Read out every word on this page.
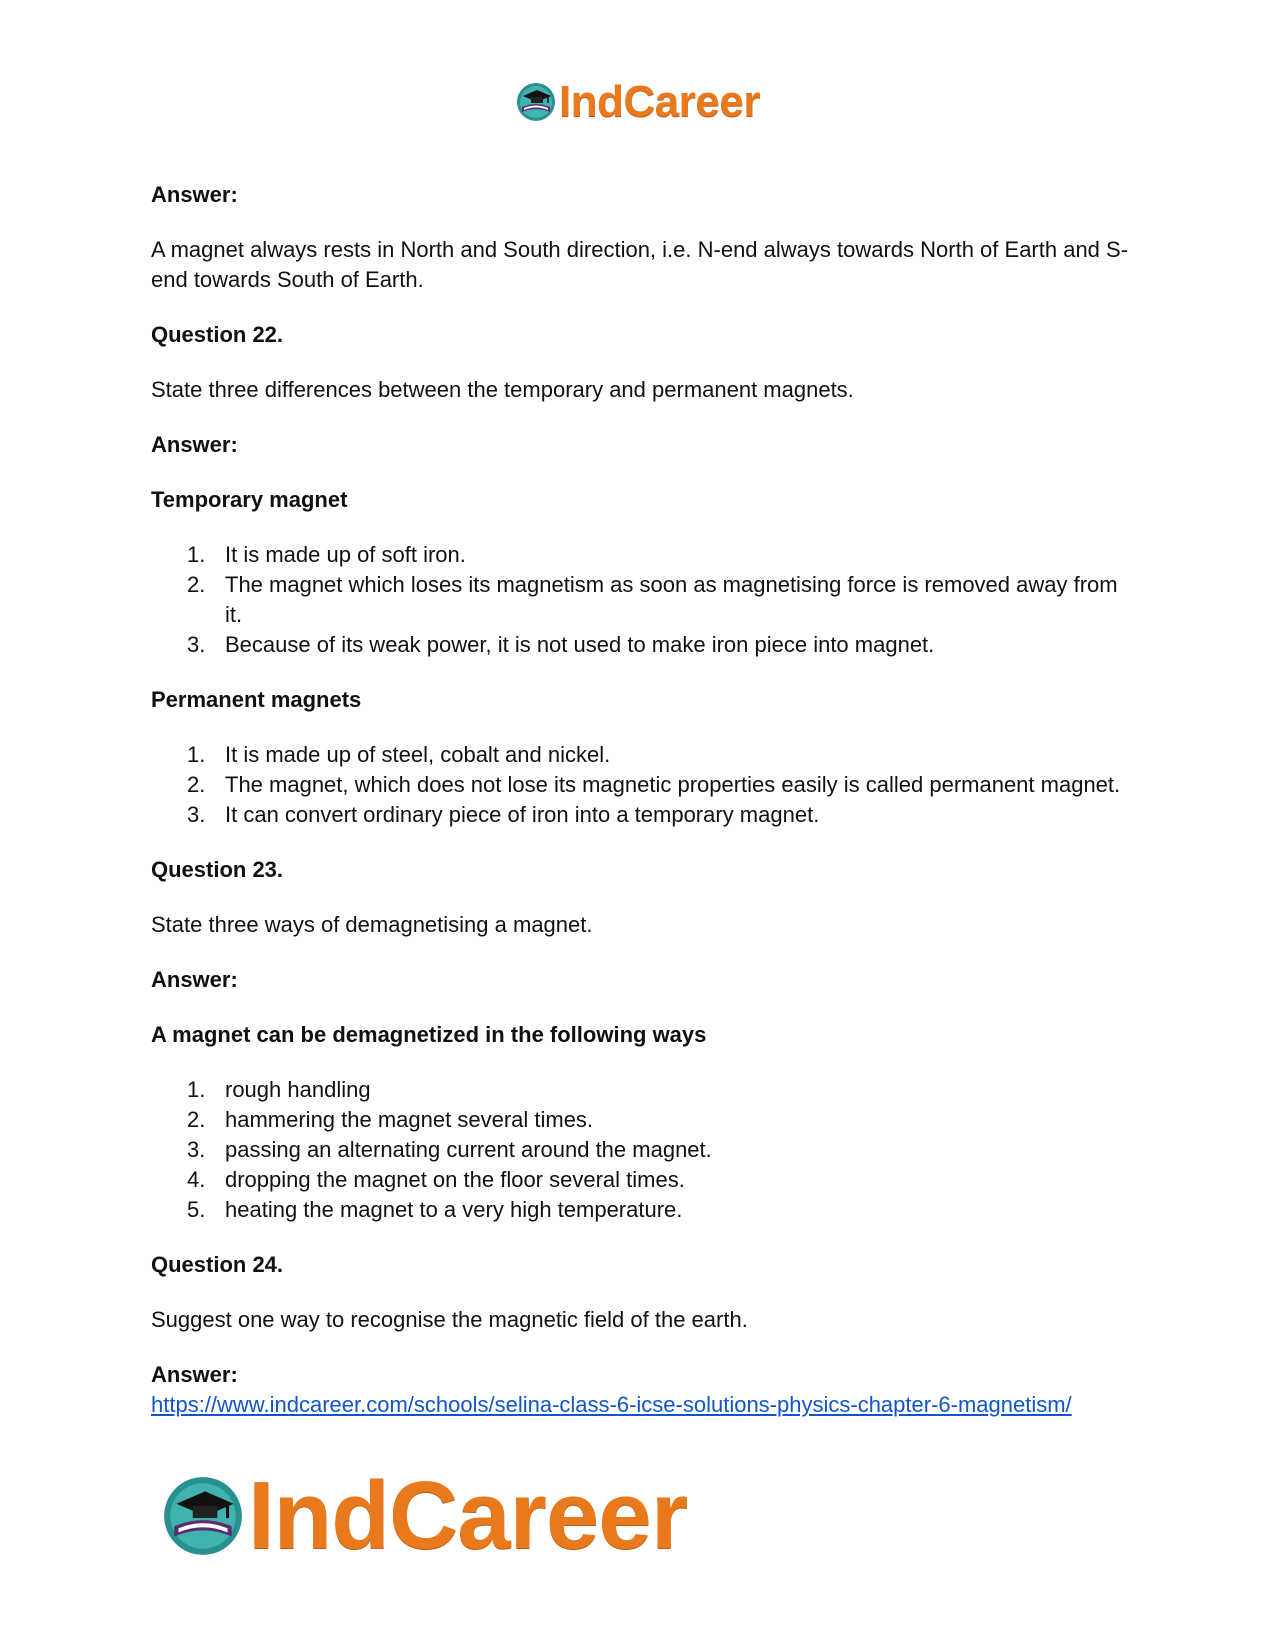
IndCareer

Answer:

A magnet always rests in North and South direction, i.e. N-end always towards North of Earth and S-end towards South of Earth.

Question 22.

State three differences between the temporary and permanent magnets.

Answer:

Temporary magnet

1. It is made up of soft iron.
2. The magnet which loses its magnetism as soon as magnetising force is removed away from it.
3. Because of its weak power, it is not used to make iron piece into magnet.

Permanent magnets

1. It is made up of steel, cobalt and nickel.
2. The magnet, which does not lose its magnetic properties easily is called permanent magnet.
3. It can convert ordinary piece of iron into a temporary magnet.

Question 23.

State three ways of demagnetising a magnet.

Answer:

A magnet can be demagnetized in the following ways

1. rough handling
2. hammering the magnet several times.
3. passing an alternating current around the magnet.
4. dropping the magnet on the floor several times.
5. heating the magnet to a very high temperature.

Question 24.

Suggest one way to recognise the magnetic field of the earth.

Answer:

https://www.indcareer.com/schools/selina-class-6-icse-solutions-physics-chapter-6-magnetism/

IndCareer
